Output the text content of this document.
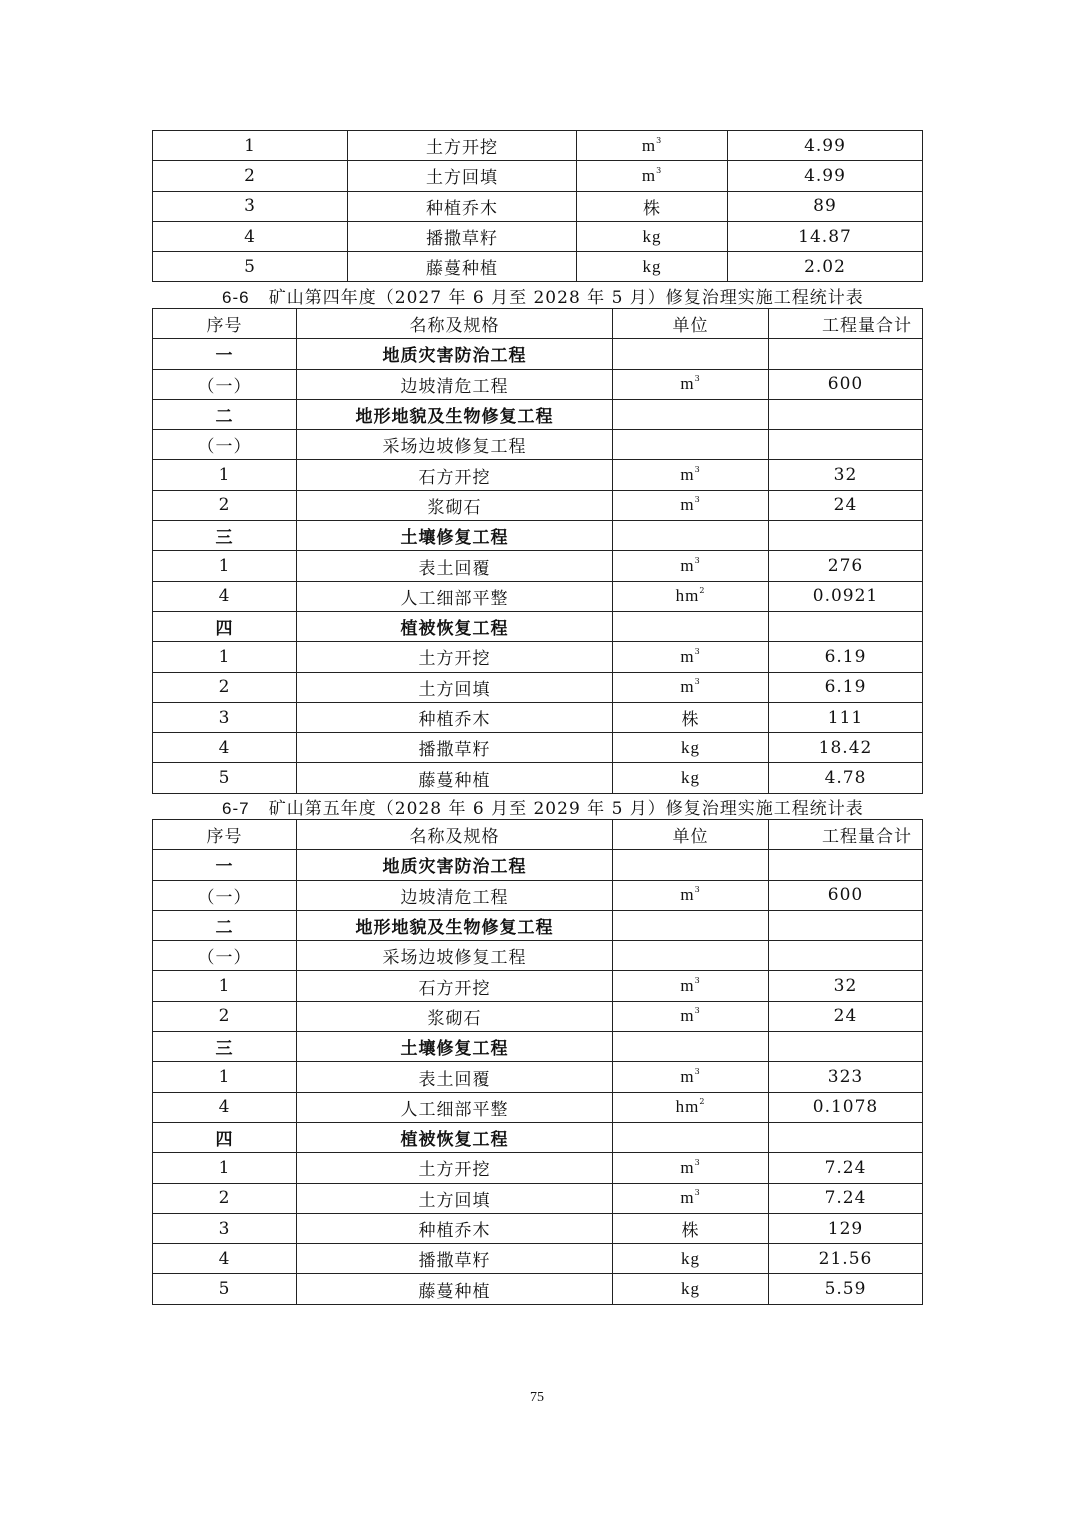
1	土方开挖	$m^3$	4.99
2	土方回填	$m^3$	4.99
3	种植乔木	株	89
4	播撒草籽	kg	14.87
5	藤蔓种植	kg	2.02
6-6 矿山第四年度（2027 年 6 月至 2028 年 5 月）修复治理实施工程统计表
序号	名称及规格	单位	工程量合计
一	地质灾害防治工程		
（一）	边坡清危工程	$m^3$	600
二	地形地貌及生物修复工程		
（一）	采场边坡修复工程		
1	石方开挖	$m^3$	32
2	浆砌石	$m^3$	24
三	土壤修复工程		
1	表土回覆	$m^3$	276
4	人工细部平整	$hm^2$	0.0921
四	植被恢复工程		
1	土方开挖	$m^3$	6.19
2	土方回填	$m^3$	6.19
3	种植乔木	株	111
4	播撒草籽	kg	18.42
5	藤蔓种植	kg	4.78
6-7 矿山第五年度（2028 年 6 月至 2029 年 5 月）修复治理实施工程统计表
序号	名称及规格	单位	工程量合计
一	地质灾害防治工程		
（一）	边坡清危工程	$m^3$	600
二	地形地貌及生物修复工程		
（一）	采场边坡修复工程		
1	石方开挖	$m^3$	32
2	浆砌石	$m^3$	24
三	土壤修复工程		
1	表土回覆	$m^3$	323
4	人工细部平整	$hm^2$	0.1078
四	植被恢复工程		
1	土方开挖	$m^3$	7.24
2	土方回填	$m^3$	7.24
3	种植乔木	株	129
4	播撒草籽	kg	21.56
5	藤蔓种植	kg	5.59
75
